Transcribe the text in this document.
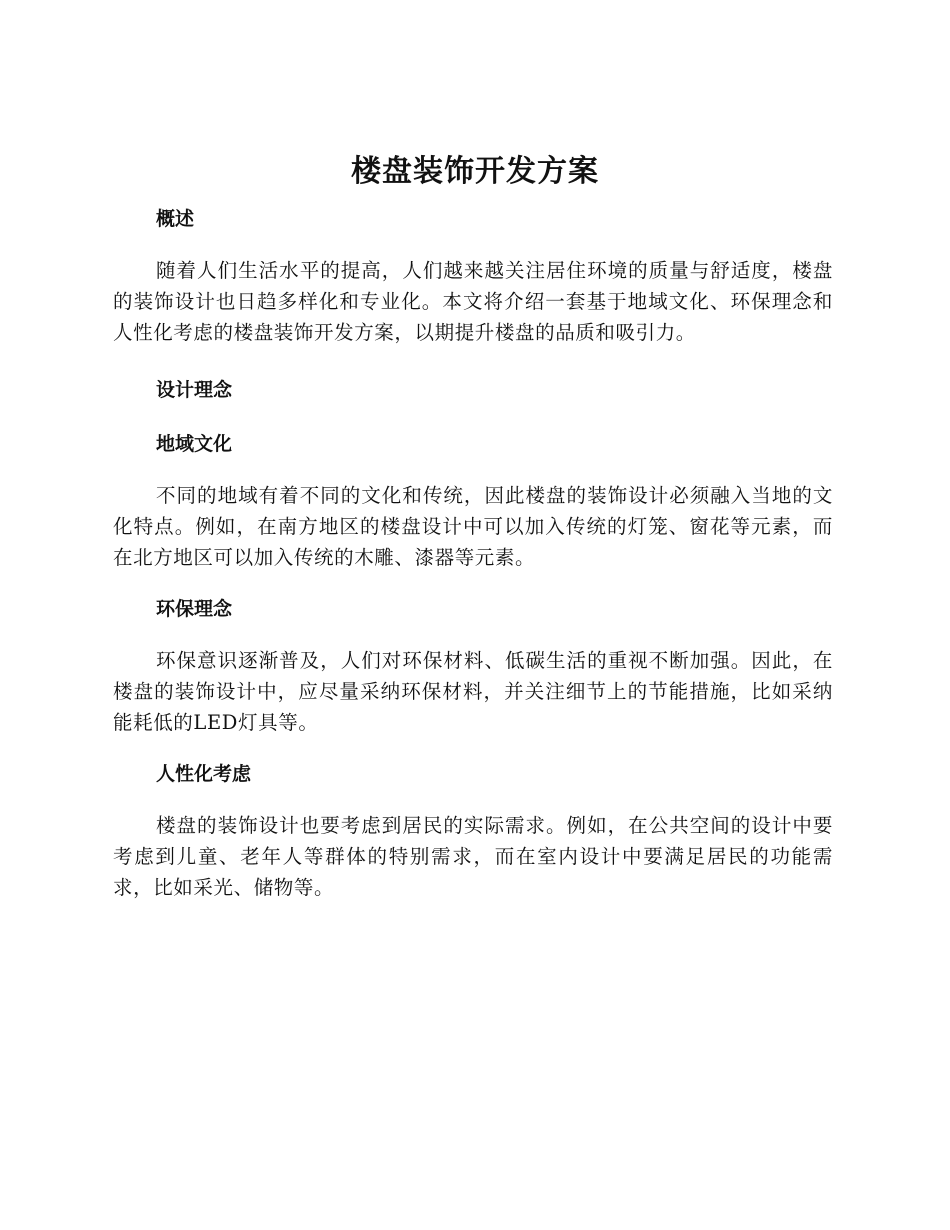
楼盘装饰开发方案

概述

随着人们生活水平的提高，人们越来越关注居住环境的质量与舒适度，楼盘的装饰设计也日趋多样化和专业化。本文将介绍一套基于地域文化、环保理念和人性化考虑的楼盘装饰开发方案，以期提升楼盘的品质和吸引力。

设计理念

地域文化

不同的地域有着不同的文化和传统，因此楼盘的装饰设计必须融入当地的文化特点。例如，在南方地区的楼盘设计中可以加入传统的灯笼、窗花等元素，而在北方地区可以加入传统的木雕、漆器等元素。

环保理念

环保意识逐渐普及，人们对环保材料、低碳生活的重视不断加强。因此，在楼盘的装饰设计中，应尽量采纳环保材料，并关注细节上的节能措施，比如采纳能耗低的LED灯具等。

人性化考虑

楼盘的装饰设计也要考虑到居民的实际需求。例如，在公共空间的设计中要考虑到儿童、老年人等群体的特别需求，而在室内设计中要满足居民的功能需求，比如采光、储物等。
